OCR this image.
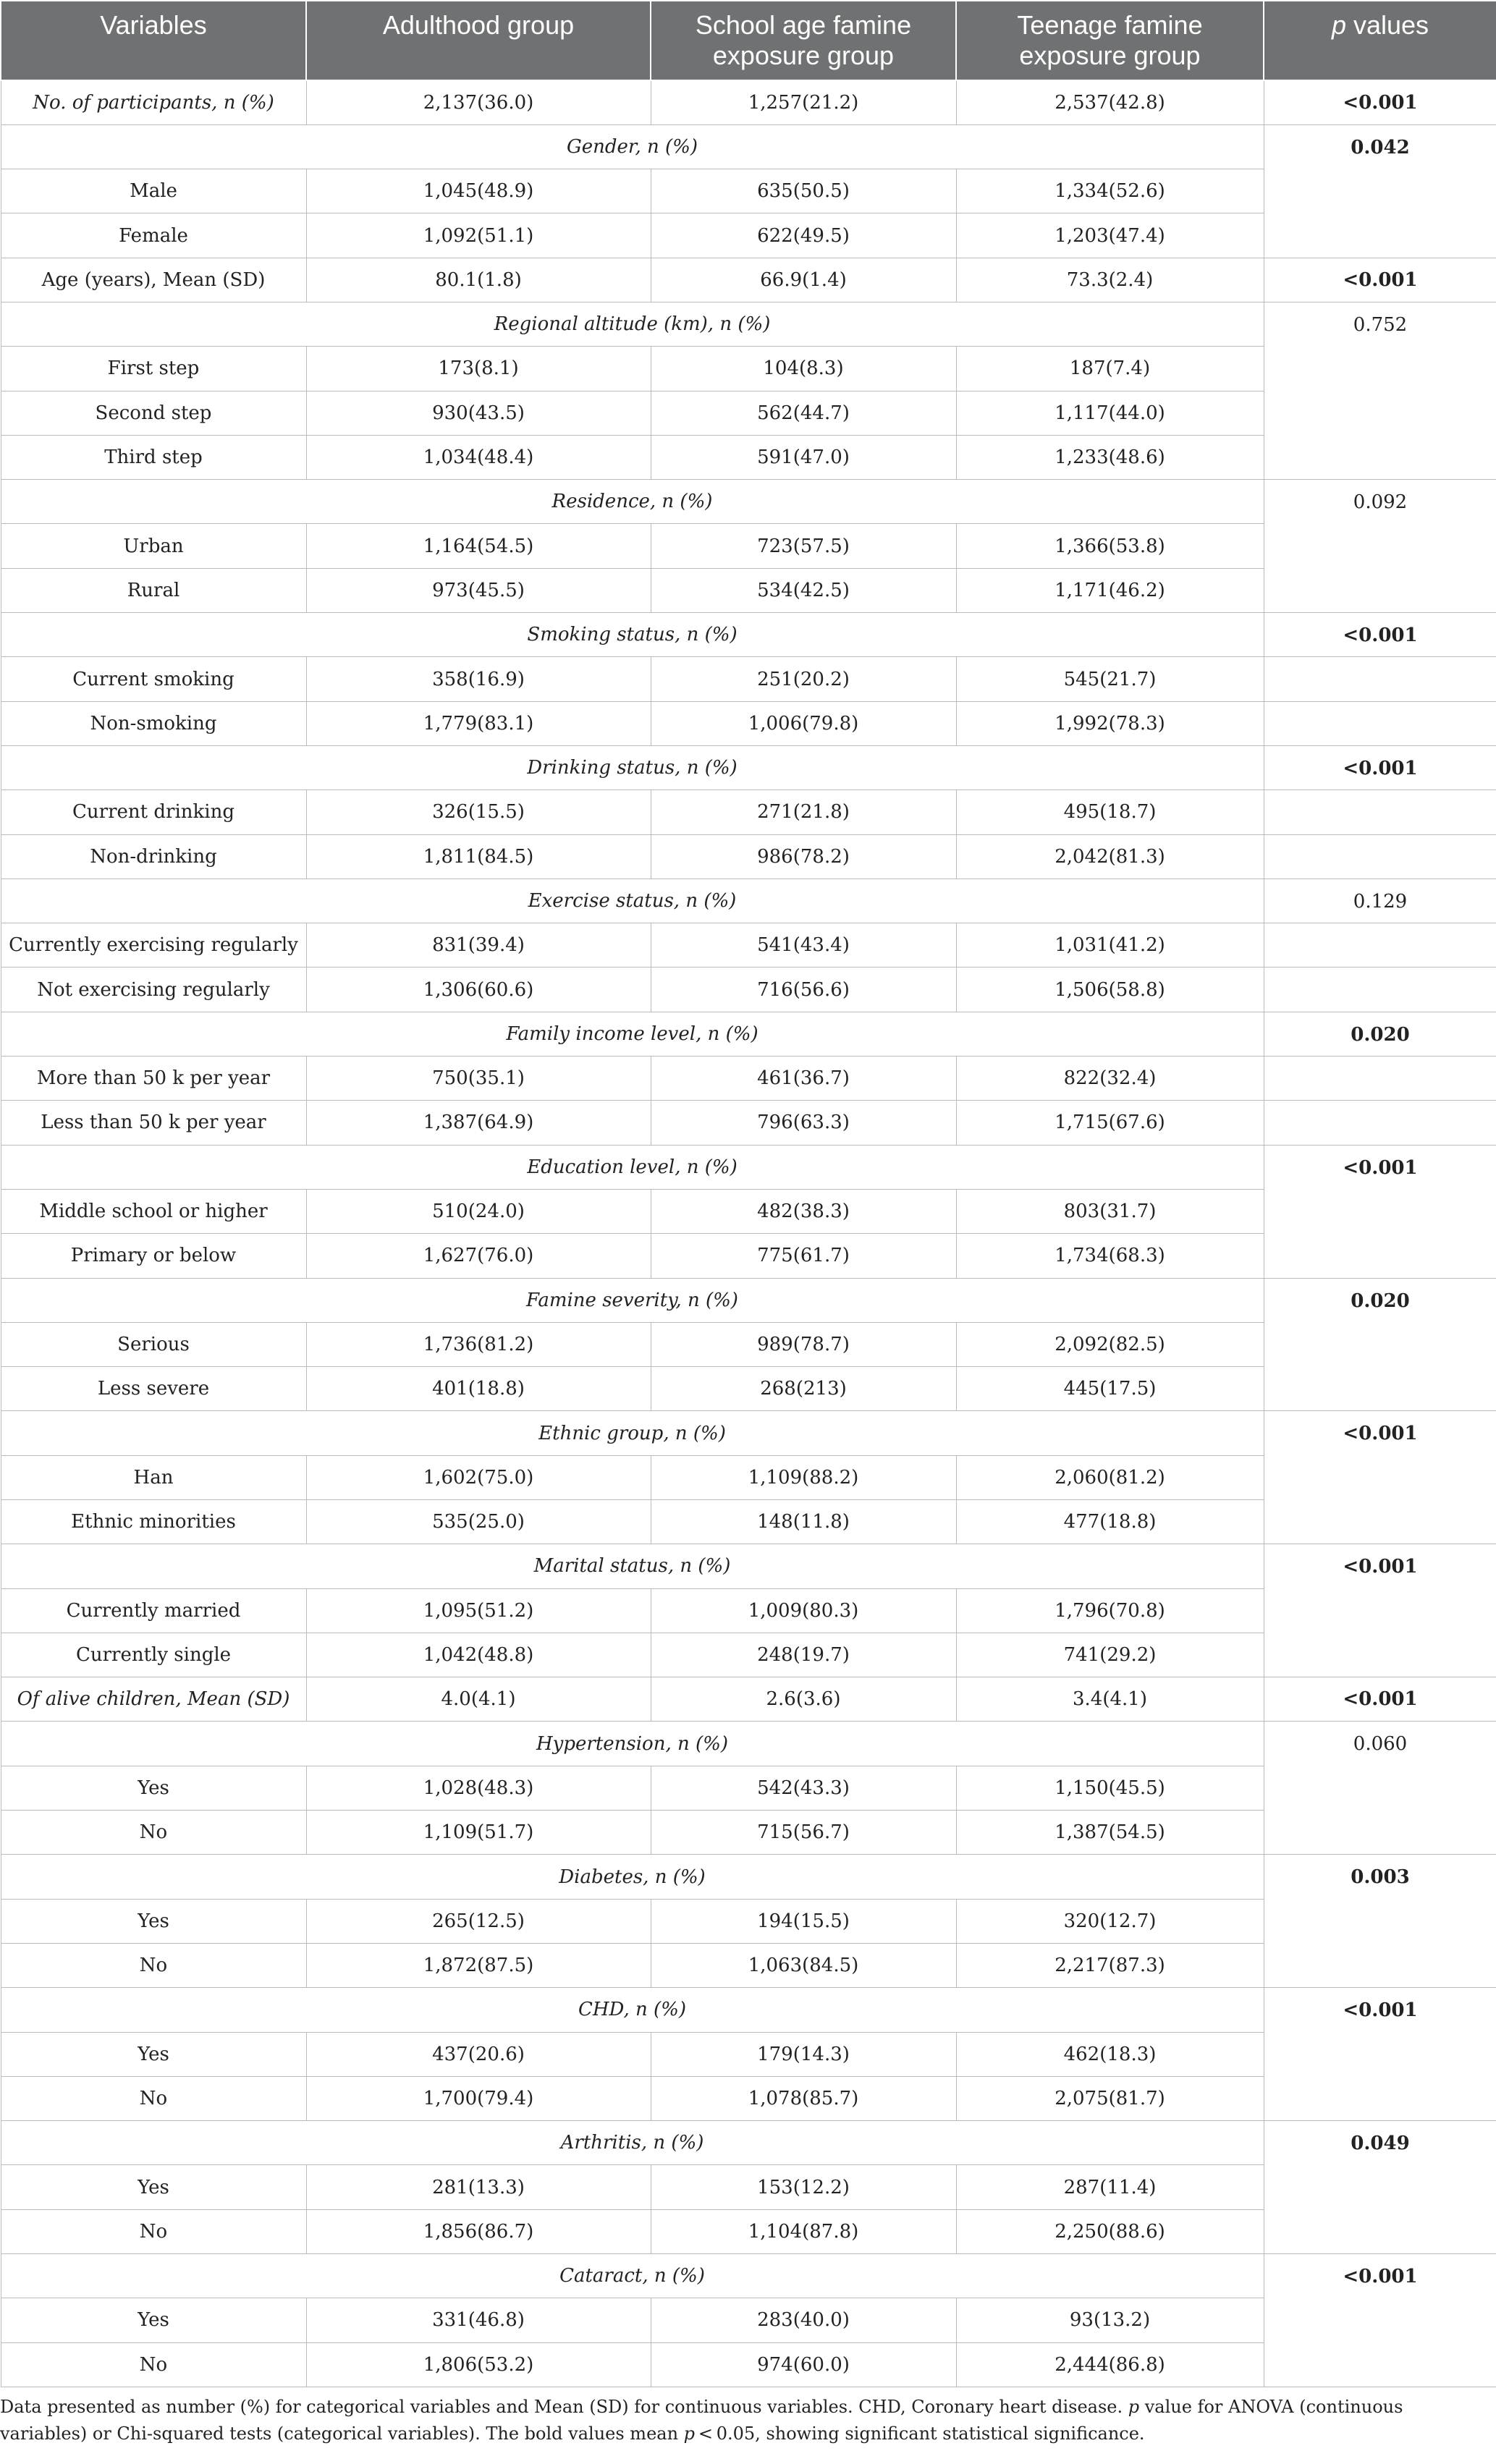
Variables	Adulthood group	School age famine exposure group	Teenage famine exposure group	p values

No. of participants, n (%)	2,137(36.0)	1,257(21.2)	2,537(42.8)	<0.001
Gender, n (%)				0.042
Male	1,045(48.9)	635(50.5)	1,334(52.6)	
Female	1,092(51.1)	622(49.5)	1,203(47.4)	
Age (years), Mean (SD)	80.1(1.8)	66.9(1.4)	73.3(2.4)	<0.001
Regional altitude (km), n (%)				0.752
First step	173(8.1)	104(8.3)	187(7.4)	
Second step	930(43.5)	562(44.7)	1,117(44.0)	
Third step	1,034(48.4)	591(47.0)	1,233(48.6)	
Residence, n (%)				0.092
Urban	1,164(54.5)	723(57.5)	1,366(53.8)	
Rural	973(45.5)	534(42.5)	1,171(46.2)	
Smoking status, n (%)				<0.001
Current smoking	358(16.9)	251(20.2)	545(21.7)	
Non-smoking	1,779(83.1)	1,006(79.8)	1,992(78.3)	
Drinking status, n (%)				<0.001
Current drinking	326(15.5)	271(21.8)	495(18.7)	
Non-drinking	1,811(84.5)	986(78.2)	2,042(81.3)	
Exercise status, n (%)				0.129
Currently exercising regularly	831(39.4)	541(43.4)	1,031(41.2)	
Not exercising regularly	1,306(60.6)	716(56.6)	1,506(58.8)	
Family income level, n (%)				0.020
More than 50 k per year	750(35.1)	461(36.7)	822(32.4)	
Less than 50 k per year	1,387(64.9)	796(63.3)	1,715(67.6)	
Education level, n (%)				<0.001
Middle school or higher	510(24.0)	482(38.3)	803(31.7)	
Primary or below	1,627(76.0)	775(61.7)	1,734(68.3)	
Famine severity, n (%)				0.020
Serious	1,736(81.2)	989(78.7)	2,092(82.5)	
Less severe	401(18.8)	268(213)	445(17.5)	
Ethnic group, n (%)				<0.001
Han	1,602(75.0)	1,109(88.2)	2,060(81.2)	
Ethnic minorities	535(25.0)	148(11.8)	477(18.8)	
Marital status, n (%)				<0.001
Currently married	1,095(51.2)	1,009(80.3)	1,796(70.8)	
Currently single	1,042(48.8)	248(19.7)	741(29.2)	
Of alive children, Mean (SD)	4.0(4.1)	2.6(3.6)	3.4(4.1)	<0.001
Hypertension, n (%)				0.060
Yes	1,028(48.3)	542(43.3)	1,150(45.5)	
No	1,109(51.7)	715(56.7)	1,387(54.5)	
Diabetes, n (%)				0.003
Yes	265(12.5)	194(15.5)	320(12.7)	
No	1,872(87.5)	1,063(84.5)	2,217(87.3)	
CHD, n (%)				<0.001
Yes	437(20.6)	179(14.3)	462(18.3)	
No	1,700(79.4)	1,078(85.7)	2,075(81.7)	
Arthritis, n (%)				0.049
Yes	281(13.3)	153(12.2)	287(11.4)	
No	1,856(86.7)	1,104(87.8)	2,250(88.6)	
Cataract, n (%)				<0.001
Yes	331(46.8)	283(40.0)	93(13.2)	
No	1,806(53.2)	974(60.0)	2,444(86.8)	
Data presented as number (%) for categorical variables and Mean (SD) for continuous variables. CHD, Coronary heart disease. p value for ANOVA (continuous variables) or Chi-squared tests (categorical variables). The bold values mean p < 0.05, showing significant statistical significance.
